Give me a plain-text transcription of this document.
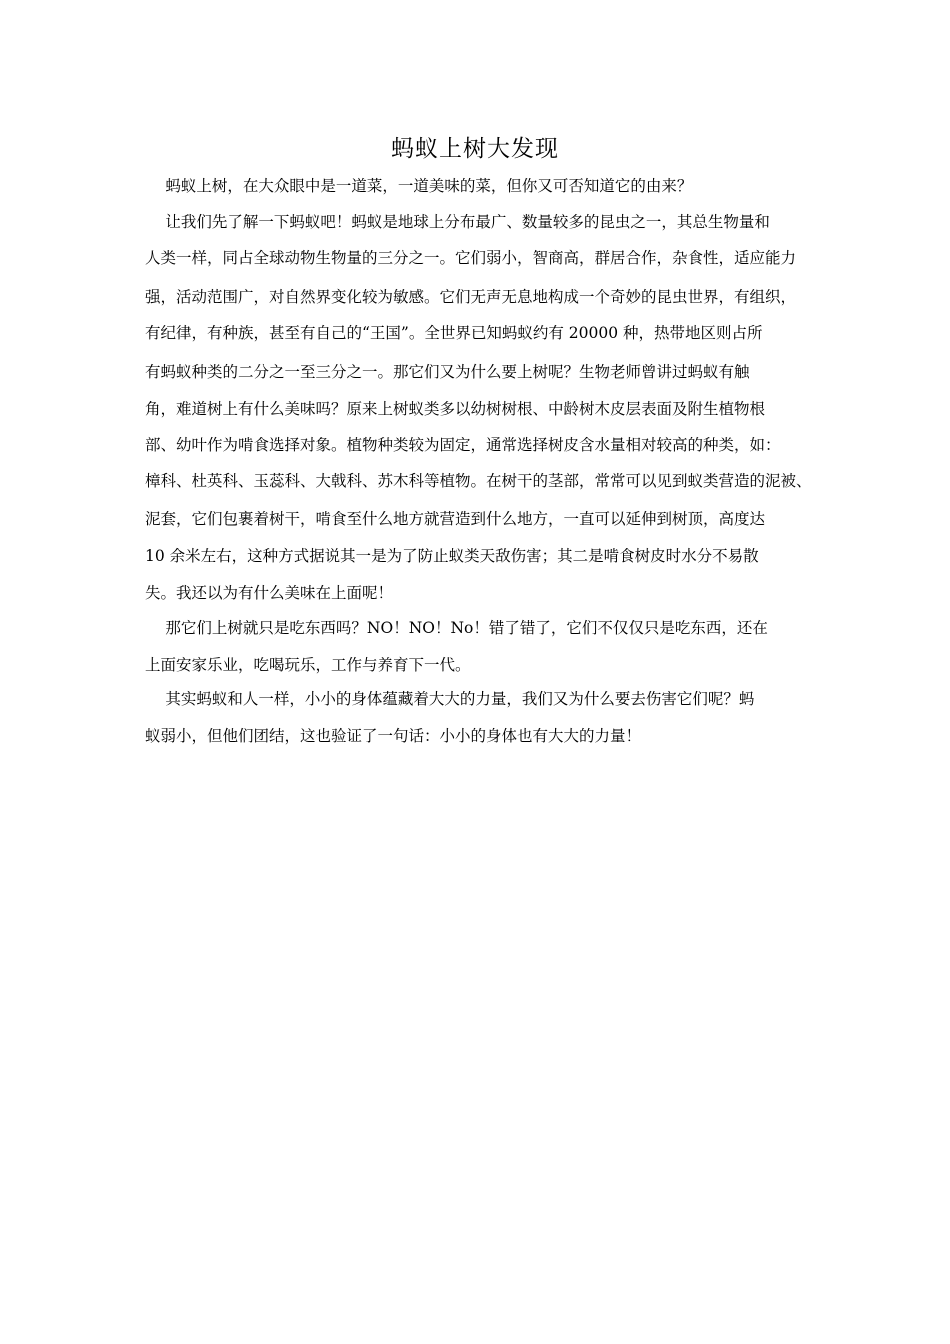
蚂蚁上树大发现
　 蚂蚁上树，在大众眼中是一道菜，一道美味的菜，但你又可否知道它的由来？
　 让我们先了解一下蚂蚁吧！蚂蚁是地球上分布最广、数量较多的昆虫之一，其总生物量和
人类一样，同占全球动物生物量的三分之一。它们弱小，智商高，群居合作，杂食性，适应能力
强，活动范围广，对自然界变化较为敏感。它们无声无息地构成一个奇妙的昆虫世界，有组织，
有纪律，有种族，甚至有自己的“王国”。全世界已知蚂蚁约有 20000 种，热带地区则占所
有蚂蚁种类的二分之一至三分之一。那它们又为什么要上树呢？生物老师曾讲过蚂蚁有触
角，难道树上有什么美味吗？原来上树蚁类多以幼树树根、中龄树木皮层表面及附生植物根
部、幼叶作为啃食选择对象。植物种类较为固定，通常选择树皮含水量相对较高的种类，如：
樟科、杜英科、玉蕊科、大戟科、苏木科等植物。在树干的茎部，常常可以见到蚁类营造的泥被、
泥套，它们包裹着树干，啃食至什么地方就营造到什么地方，一直可以延伸到树顶，高度达
10 余米左右，这种方式据说其一是为了防止蚁类天敌伤害；其二是啃食树皮时水分不易散
失。我还以为有什么美味在上面呢！
　 那它们上树就只是吃东西吗？NO！NO！No！错了错了，它们不仅仅只是吃东西，还在
上面安家乐业，吃喝玩乐，工作与养育下一代。
　 其实蚂蚁和人一样，小小的身体蕴藏着大大的力量，我们又为什么要去伤害它们呢？蚂
蚁弱小，但他们团结，这也验证了一句话：小小的身体也有大大的力量！
